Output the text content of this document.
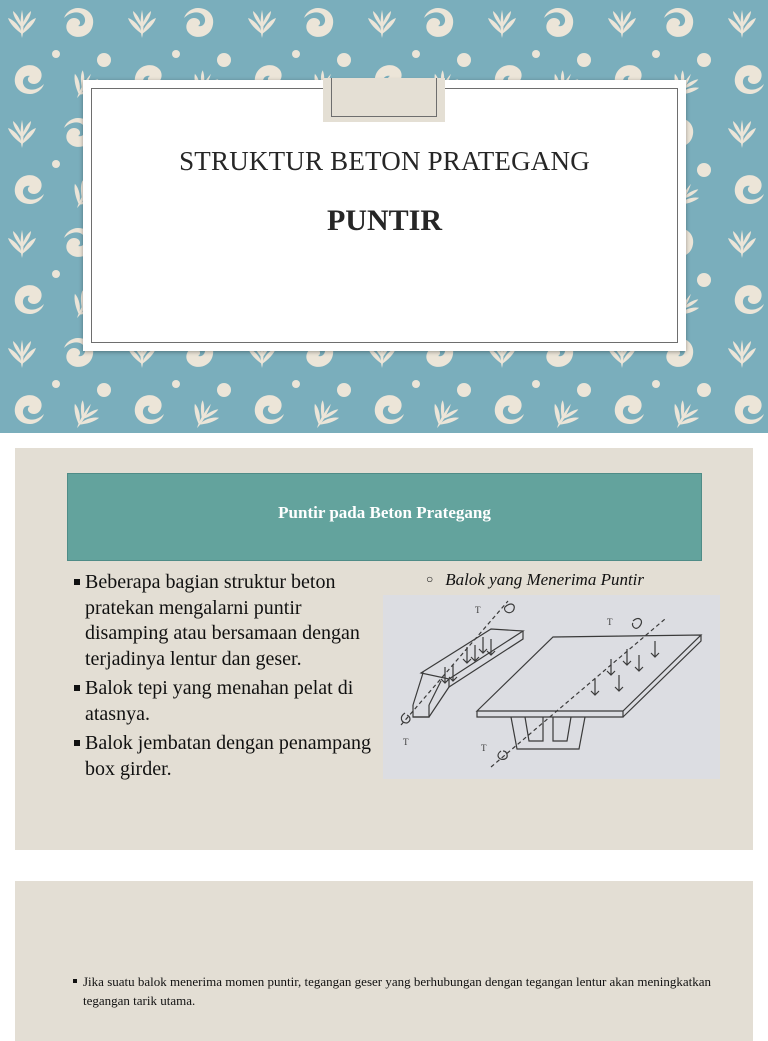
STRUKTUR BETON PRATEGANG
PUNTIR
Puntir pada Beton Prategang
Beberapa bagian struktur beton pratekan mengalarni puntir disamping atau bersamaan dengan terjadinya lentur dan geser.
Balok tepi yang menahan pelat di atasnya.
Balok jembatan dengan penampang box girder.
○ Balok yang Menerima Puntir
T
T
T
T
Jika suatu balok menerima momen puntir, tegangan geser yang berhubungan dengan tegangan lentur akan meningkatkan tegangan tarik utama.
